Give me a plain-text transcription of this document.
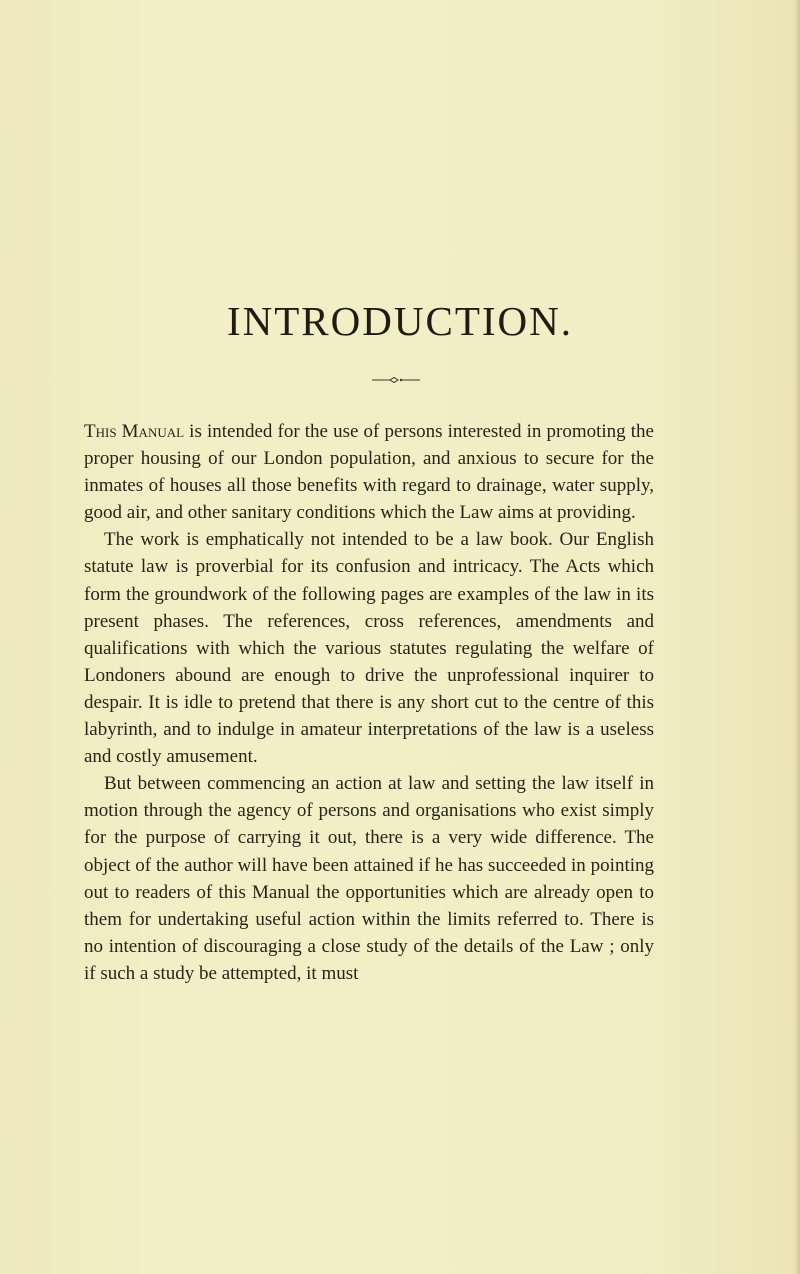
INTRODUCTION.

This Manual is intended for the use of persons interested in promoting the proper housing of our London population, and anxious to secure for the inmates of houses all those benefits with regard to drainage, water supply, good air, and other sanitary conditions which the Law aims at providing.

The work is emphatically not intended to be a law book. Our English statute law is proverbial for its confusion and intricacy. The Acts which form the groundwork of the following pages are examples of the law in its present phases. The references, cross references, amendments and qualifications with which the various statutes regulating the welfare of Londoners abound are enough to drive the unprofessional inquirer to despair. It is idle to pretend that there is any short cut to the centre of this labyrinth, and to indulge in amateur interpretations of the law is a useless and costly amusement.

But between commencing an action at law and setting the law itself in motion through the agency of persons and organisations who exist simply for the purpose of carrying it out, there is a very wide difference. The object of the author will have been attained if he has succeeded in pointing out to readers of this Manual the opportunities which are already open to them for undertaking useful action within the limits referred to. There is no intention of discouraging a close study of the details of the Law ; only if such a study be attempted, it must
